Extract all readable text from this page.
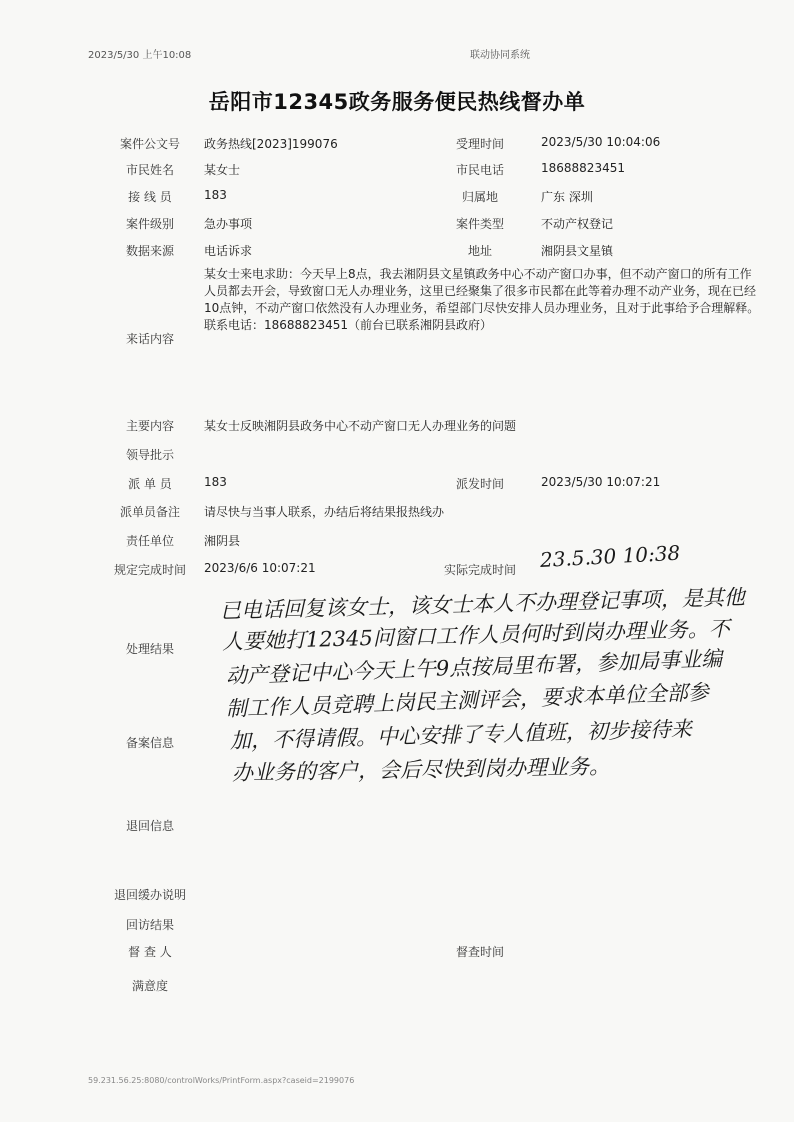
2023/5/30 上午10:08	联动协同系统
岳阳市12345政务服务便民热线督办单
案件公文号	政务热线[2023]199076	受理时间	2023/5/30 10:04:06
市民姓名	某女士	市民电话	18688823451
接 线 员	183	归属地	广东 深圳
案件级别	急办事项	案件类型	不动产权登记
数据来源	电话诉求	地址	湘阴县文星镇
某女士来电求助：今天早上8点，我去湘阴县文星镇政务中心不动产窗口办事，但不动产窗口的所有工作人员都去开会，导致窗口无人办理业务，这里已经聚集了很多市民都在此等着办理不动产业务，现在已经10点钟，不动产窗口依然没有人办理业务，希望部门尽快安排人员办理业务，且对于此事给予合理解释。联系电话：18688823451（前台已联系湘阴县政府）
来话内容
主要内容	某女士反映湘阴县政务中心不动产窗口无人办理业务的问题
领导批示
派 单 员	183	派发时间	2023/5/30 10:07:21
派单员备注	请尽快与当事人联系，办结后将结果报热线办
责任单位	湘阴县
规定完成时间	2023/6/6 10:07:21	实际完成时间	23.5.30 10:38
处理结果
已电话回复该女士，该女士本人不办理登记事项，是其他
人要她打12345问窗口工作人员何时到岗办理业务。不
动产登记中心今天上午9点按局里布署，参加局事业编
制工作人员竞聘上岗民主测评会，要求本单位全部参
加，不得请假。中心安排了专人值班，初步接待来
办业务的客户，会后尽快到岗办理业务。
备案信息
退回信息
退回缓办说明
回访结果
督 查 人	督查时间
满意度
59.231.56.25:8080/controlWorks/PrintForm.aspx?caseid=2199076
